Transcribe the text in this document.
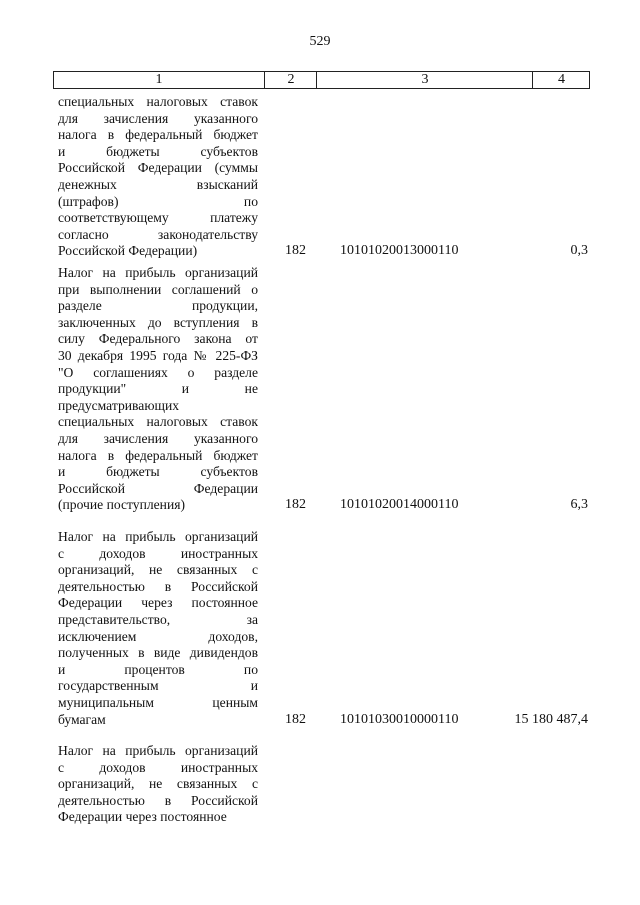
529
1	2	3	4
специальных налоговых ставок
для зачисления указанного
налога в федеральный бюджет
и бюджеты субъектов
Российской Федерации (суммы
денежных взысканий
(штрафов) по
соответствующему платежу
согласно законодательству
Российской Федерации)	182 10101020013000110	0,3
Налог на прибыль организаций
при выполнении соглашений о
разделе продукции,
заключенных до вступления в
силу Федерального закона от
30 декабря 1995 года № 225-ФЗ
"О соглашениях о разделе
продукции" и не
предусматривающих
специальных налоговых ставок
для зачисления указанного
налога в федеральный бюджет
и бюджеты субъектов
Российской Федерации
(прочие поступления)	182 10101020014000110	6,3
Налог на прибыль организаций
с доходов иностранных
организаций, не связанных с
деятельностью в Российской
Федерации через постоянное
представительство, за
исключением доходов,
полученных в виде дивидендов
и процентов по
государственным и
муниципальным ценным
бумагам	182 10101030010000110	15 180 487,4
Налог на прибыль организаций
с доходов иностранных
организаций, не связанных с
деятельностью в Российской
Федерации через постоянное
